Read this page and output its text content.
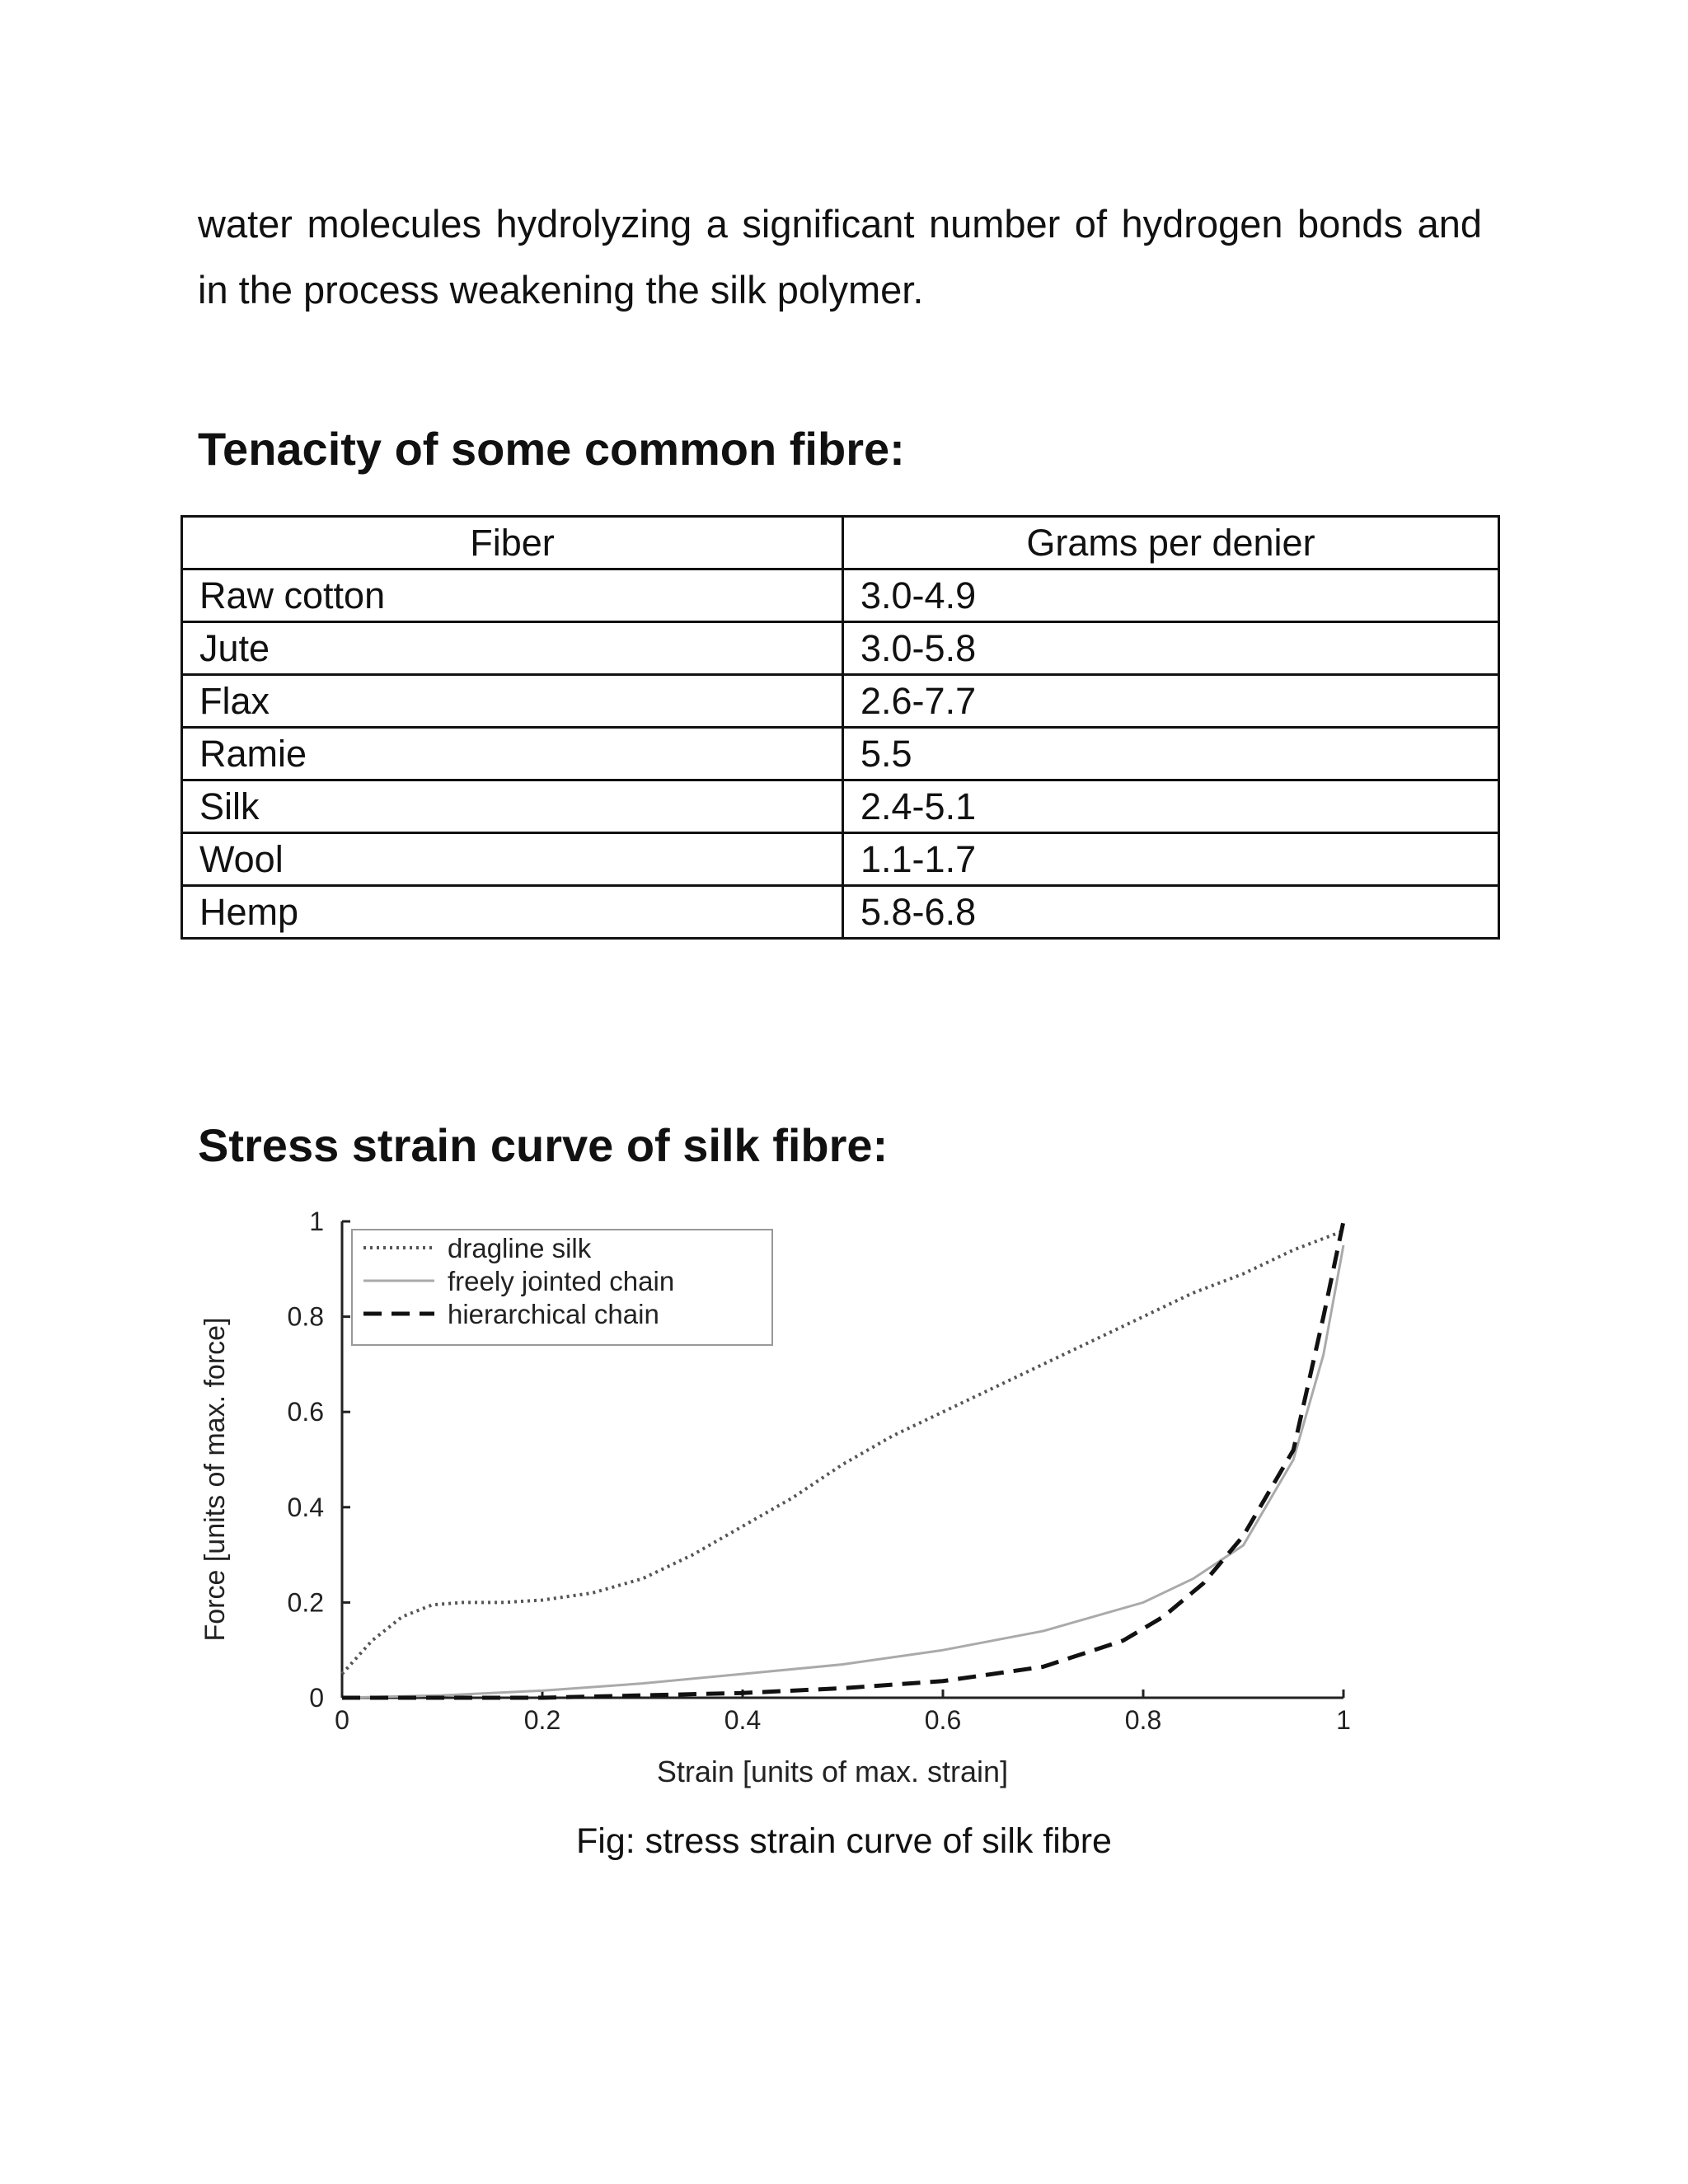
water molecules hydrolyzing a significant number of hydrogen bonds and in the process weakening the silk polymer.

Tenacity of some common fibre:
Fiber	Grams per denier
Raw cotton	3.0-4.9
Jute	3.0-5.8
Flax	2.6-7.7
Ramie	5.5
Silk	2.4-5.1
Wool	1.1-1.7
Hemp	5.8-6.8
Stress strain curve of silk fibre:
0	0.2	0.4	0.6	0.8	1
0
0.2
0.4
0.6
0.8
1
dragline silk
freely jointed chain
hierarchical chain
Strain [units of max. strain]
Force [units of max. force]

Fig: stress strain curve of silk fibre
